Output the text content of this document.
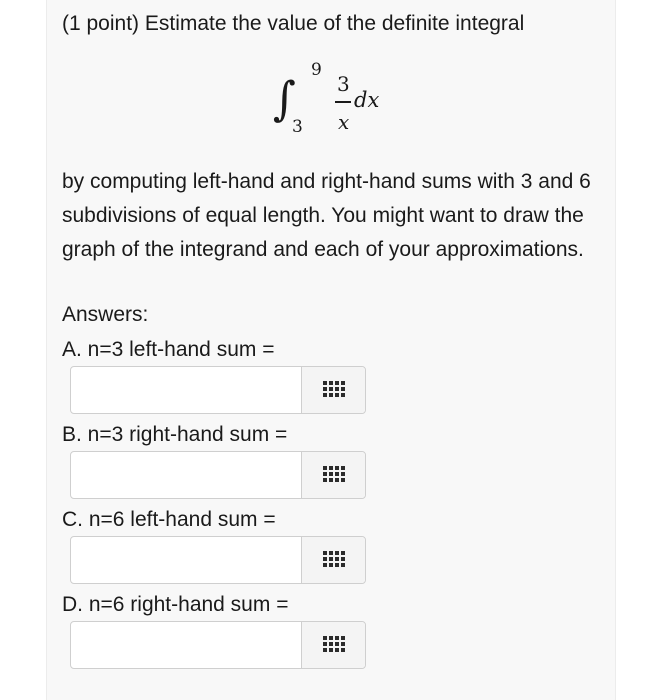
(1 point) Estimate the value of the definite integral
∫
9
3
3
x
dx
by computing left-hand and right-hand sums with 3 and 6 subdivisions of equal length. You might want to draw the graph of the integrand and each of your approximations.
Answers:
A. n=3 left-hand sum =
B. n=3 right-hand sum =
C. n=6 left-hand sum =
D. n=6 right-hand sum =
